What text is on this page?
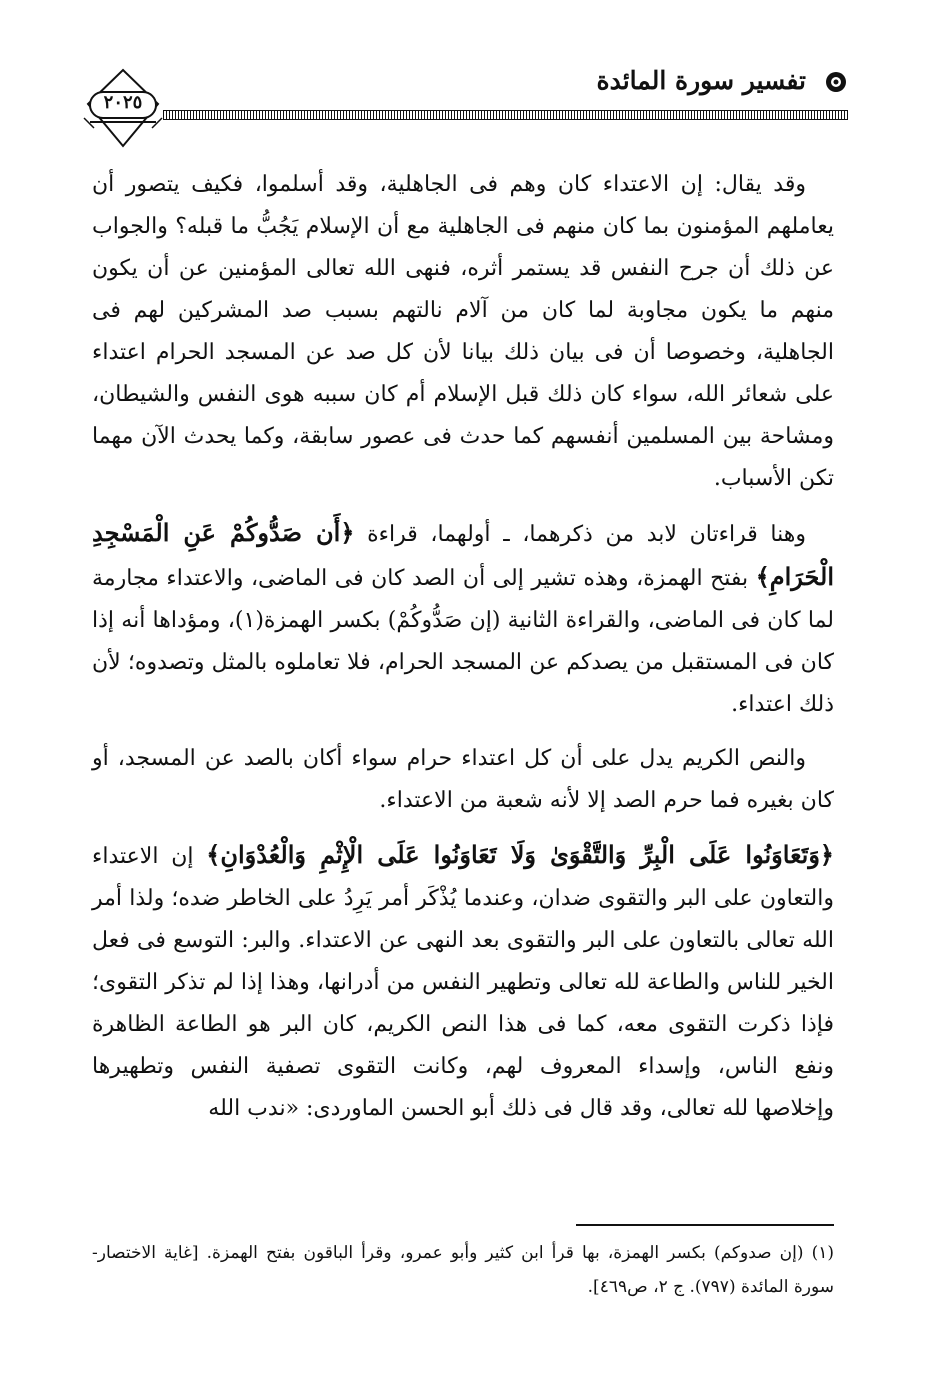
تفسير سورة المائدة
٢٠٢٥

وقد يقال: إن الاعتداء كان وهم فى الجاهلية، وقد أسلموا، فكيف يتصور أن يعاملهم المؤمنون بما كان منهم فى الجاهلية مع أن الإسلام يَجُبُّ ما قبله؟ والجواب عن ذلك أن جرح النفس قد يستمر أثره، فنهى الله تعالى المؤمنين عن أن يكون منهم ما يكون مجاوبة لما كان من آلام نالتهم بسبب صد المشركين لهم فى الجاهلية، وخصوصا أن فى بيان ذلك بيانا لأن كل صد عن المسجد الحرام اعتداء على شعائر الله، سواء كان ذلك قبل الإسلام أم كان سببه هوى النفس والشيطان، ومشاحة بين المسلمين أنفسهم كما حدث فى عصور سابقة، وكما يحدث الآن مهما تكن الأسباب.

وهنا قراءتان لابد من ذكرهما، ـ أولهما، قراءة ﴿أَن صَدُّوكُمْ عَنِ الْمَسْجِدِ الْحَرَامِ﴾ بفتح الهمزة، وهذه تشير إلى أن الصد كان فى الماضى، والاعتداء مجارمة لما كان فى الماضى، والقراءة الثانية (إن صَدُّوكُمْ) بكسر الهمزة(١)، ومؤداها أنه إذا كان فى المستقبل من يصدكم عن المسجد الحرام، فلا تعاملوه بالمثل وتصدوه؛ لأن ذلك اعتداء.

والنص الكريم يدل على أن كل اعتداء حرام سواء أكان بالصد عن المسجد، أو كان بغيره فما حرم الصد إلا لأنه شعبة من الاعتداء.

﴿وَتَعَاوَنُوا عَلَى الْبِرِّ وَالتَّقْوَىٰ وَلَا تَعَاوَنُوا عَلَى الْإِثْمِ وَالْعُدْوَانِ﴾ إن الاعتداء والتعاون على البر والتقوى ضدان، وعندما يُذْكَر أمر يَرِدُ على الخاطر ضده؛ ولذا أمر الله تعالى بالتعاون على البر والتقوى بعد النهى عن الاعتداء. والبر: التوسع فى فعل الخير للناس والطاعة لله تعالى وتطهير النفس من أدرانها، وهذا إذا لم تذكر التقوى؛ فإذا ذكرت التقوى معه، كما فى هذا النص الكريم، كان البر هو الطاعة الظاهرة ونفع الناس، وإسداء المعروف لهم، وكانت التقوى تصفية النفس وتطهيرها وإخلاصها لله تعالى، وقد قال فى ذلك أبو الحسن الماوردى: «ندب الله

(١) (إن صدوكم) بكسر الهمزة، بها قرأ ابن كثير وأبو عمرو، وقرأ الباقون بفتح الهمزة. [غاية الاختصار- سورة المائدة (٧٩٧). ج ٢، ص٤٦٩].
